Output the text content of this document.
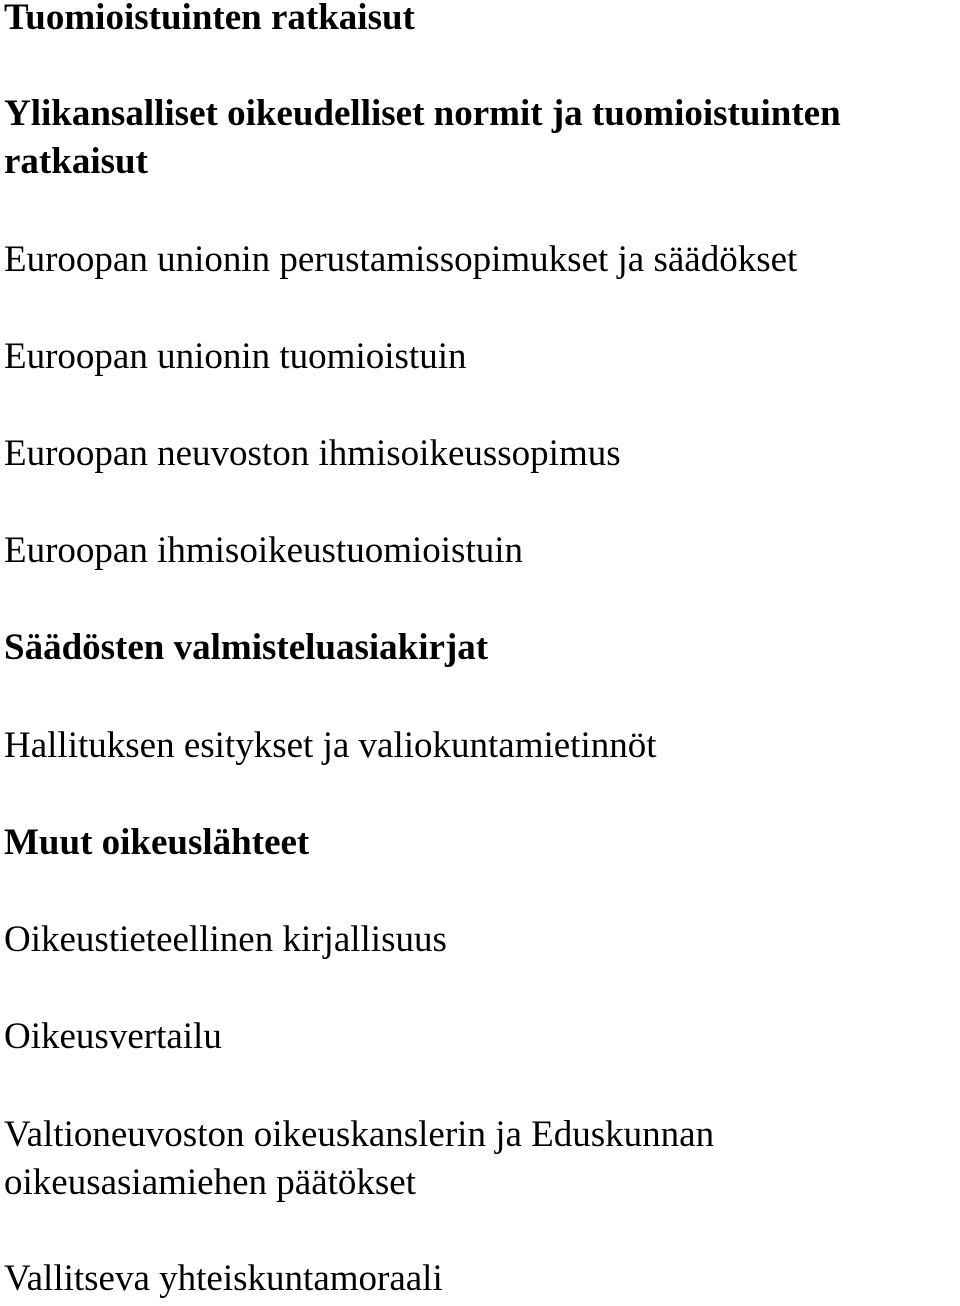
Tuomioistuinten ratkaisut

Ylikansalliset oikeudelliset normit ja tuomioistuinten

ratkaisut

Euroopan unionin perustamissopimukset ja säädökset

Euroopan unionin tuomioistuin

Euroopan neuvoston ihmisoikeussopimus

Euroopan ihmisoikeustuomioistuin

Säädösten valmisteluasiakirjat

Hallituksen esitykset ja valiokuntamietinnöt

Muut oikeuslähteet

Oikeustieteellinen kirjallisuus

Oikeusvertailu

Valtioneuvoston oikeuskanslerin ja Eduskunnan

oikeusasiamiehen päätökset

Vallitseva yhteiskuntamoraali
